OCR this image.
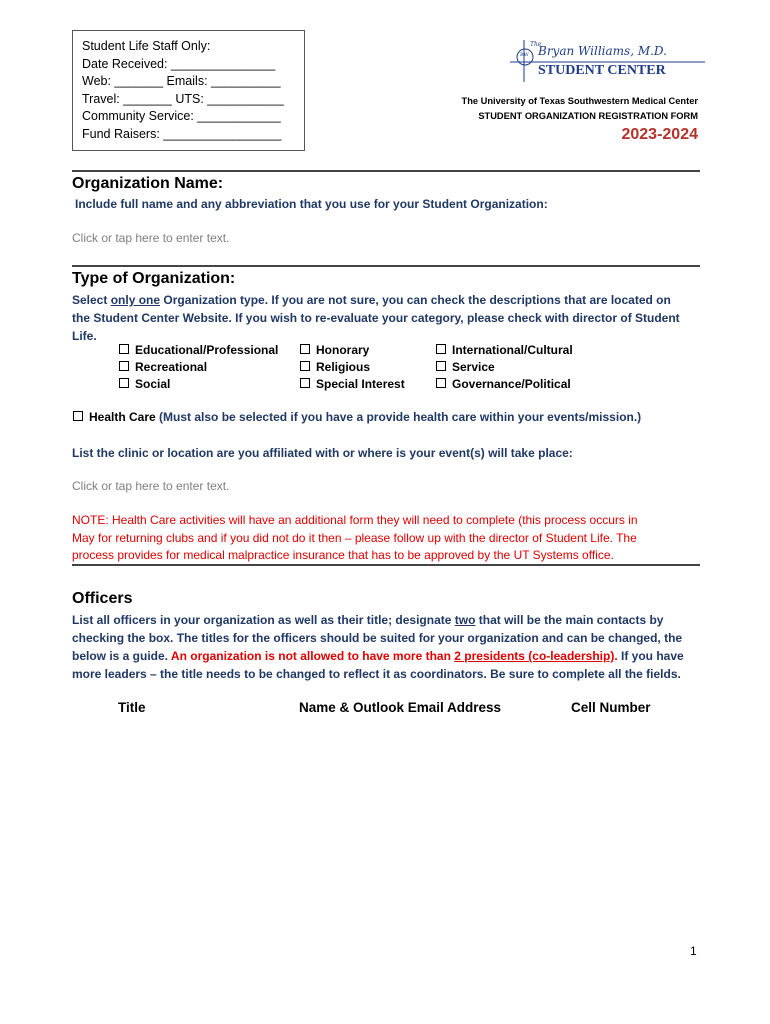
Student Life Staff Only:
Date Received: _______________
Web: _______ Emails: __________
Travel: _______ UTS: ___________
Community Service: ____________
Fund Raisers: _________________
BW
The
Bryan Williams, M.D.
STUDENT CENTER
The University of Texas Southwestern Medical Center
STUDENT ORGANIZATION REGISTRATION FORM
2023-2024
Organization Name:
Include full name and any abbreviation that you use for your Student Organization:
Click or tap here to enter text.
Type of Organization:
Select only one Organization type. If you are not sure, you can check the descriptions that are located on
the Student Center Website. If you wish to re-evaluate your category, please check with director of Student
Life.
Educational/Professional
Recreational
Social
Honorary
Religious
Special Interest
International/Cultural
Service
Governance/Political
Health Care (Must also be selected if you have a provide health care within your events/mission.)
List the clinic or location are you affiliated with or where is your event(s) will take place:
Click or tap here to enter text.
NOTE: Health Care activities will have an additional form they will need to complete (this process occurs in
May for returning clubs and if you did not do it then – please follow up with the director of Student Life. The
process provides for medical malpractice insurance that has to be approved by the UT Systems office.
Officers
List all officers in your organization as well as their title; designate two that will be the main contacts by
checking the box. The titles for the officers should be suited for your organization and can be changed, the
below is a guide. An organization is not allowed to have more than 2 presidents (co-leadership). If you have
more leaders – the title needs to be changed to reflect it as coordinators. Be sure to complete all the fields.
Title	Name & Outlook Email Address	Cell Number
1
